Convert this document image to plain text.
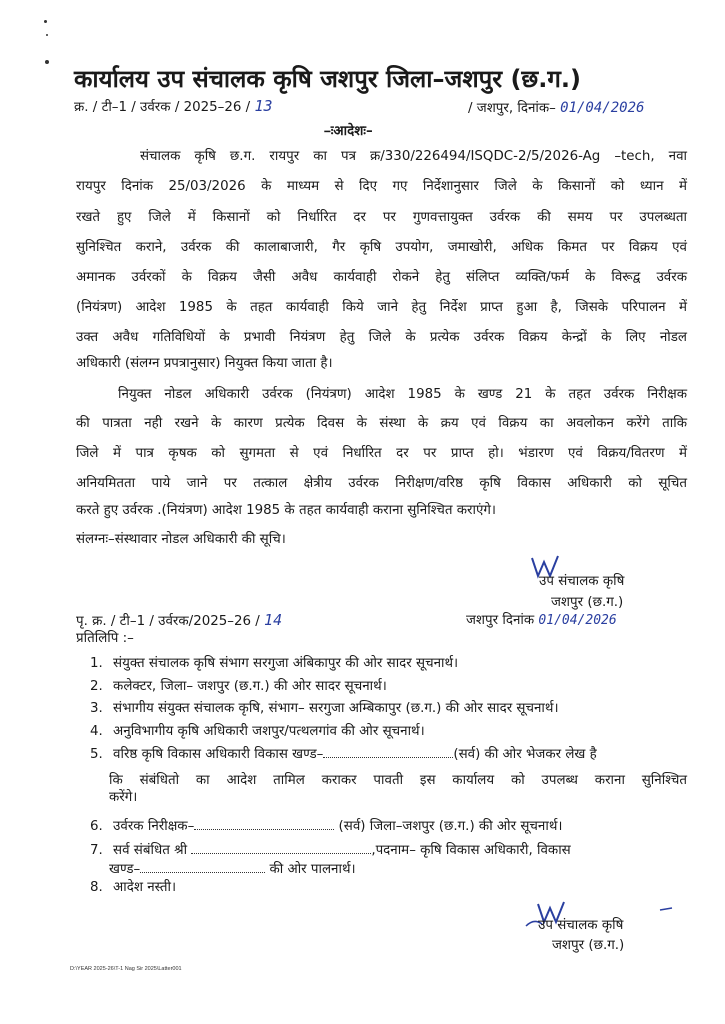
कार्यालय उप संचालक कृषि जशपुर जिला–जशपुर (छ.ग.)
क्र. / टी–1 / उर्वरक / 2025–26 / 13	/ जशपुर, दिनांक– 01/04/2026
–ःआदेशः–
संचालक कृषि छ.ग. रायपुर का पत्र क्र/330/226494/ISQDC-2/5/2026-Ag –tech, नवा
रायपुर दिनांक 25/03/2026 के माध्यम से दिए गए निर्देशानुसार जिले के किसानों को ध्यान में
रखते हुए जिले में किसानों को निर्धारित दर पर गुणवत्तायुक्त उर्वरक की समय पर उपलब्धता
सुनिश्चित कराने, उर्वरक की कालाबाजारी, गैर कृषि उपयोग, जमाखोरी, अधिक किमत पर विक्रय एवं
अमानक उर्वरकों के विक्रय जैसी अवैध कार्यवाही रोकने हेतु संलिप्त व्यक्ति/फर्म के विरूद्व उर्वरक
(नियंत्रण) आदेश 1985 के तहत कार्यवाही किये जाने हेतु निर्देश प्राप्त हुआ है, जिसके परिपालन में
उक्त अवैध गतिविधियों के प्रभावी नियंत्रण हेतु जिले के प्रत्येक उर्वरक विक्रय केन्द्रों के लिए नोडल
अधिकारी (संलग्न प्रपत्रानुसार) नियुक्त किया जाता है।
नियुक्त नोडल अधिकारी उर्वरक (नियंत्रण) आदेश 1985 के खण्ड 21 के तहत उर्वरक निरीक्षक
की पात्रता नही रखने के कारण प्रत्येक दिवस के संस्था के क्रय एवं विक्रय का अवलोकन करेंगे ताकि
जिले में पात्र कृषक को सुगमता से एवं निर्धारित दर पर प्राप्त हो। भंडारण एवं विक्रय/वितरण में
अनियमितता पाये जाने पर तत्काल क्षेत्रीय उर्वरक निरीक्षण/वरिष्ठ कृषि विकास अधिकारी को सूचित
करते हुए उर्वरक .(नियंत्रण) आदेश 1985 के तहत कार्यवाही कराना सुनिश्चित कराएंगे।
संलग्नः–संस्थावार नोडल अधिकारी की सूचि।
उप संचालक कृषि
जशपुर (छ.ग.)
पृ. क्र. / टी–1 / उर्वरक/2025–26 / 14	जशपुर दिनांक 01/04/2026
प्रतिलिपि :–
1. संयुक्त संचालक कृषि संभाग सरगुजा अंबिकापुर की ओर सादर सूचनार्थ।
2. कलेक्टर, जिला– जशपुर (छ.ग.) की ओर सादर सूचनार्थ।
3. संभागीय संयुक्त संचालक कृषि, संभाग– सरगुजा अम्बिकापुर (छ.ग.) की ओर सादर सूचनार्थ।
4. अनुविभागीय कृषि अधिकारी जशपुर/पत्थलगांव की ओर सूचनार्थ।
5. वरिष्ठ कृषि विकास अधिकारी विकास खण्ड–	(सर्व) की ओर भेजकर लेख है
कि संबंधितो का आदेश तामिल कराकर पावती इस कार्यालय को उपलब्ध कराना सुनिश्चित
करेंगे।
6. उर्वरक निरीक्षक–	(सर्व) जिला–जशपुर (छ.ग.) की ओर सूचनार्थ।
7. सर्व संबंधित श्री	,पदनाम– कृषि विकास अधिकारी, विकास
खण्ड–	की ओर पालनार्थ।
8. आदेश नस्ती।
उप संचालक कृषि
जशपुर (छ.ग.)
D:\YEAR 2025-26\T-1 Nag Sir 2025\Latter001
